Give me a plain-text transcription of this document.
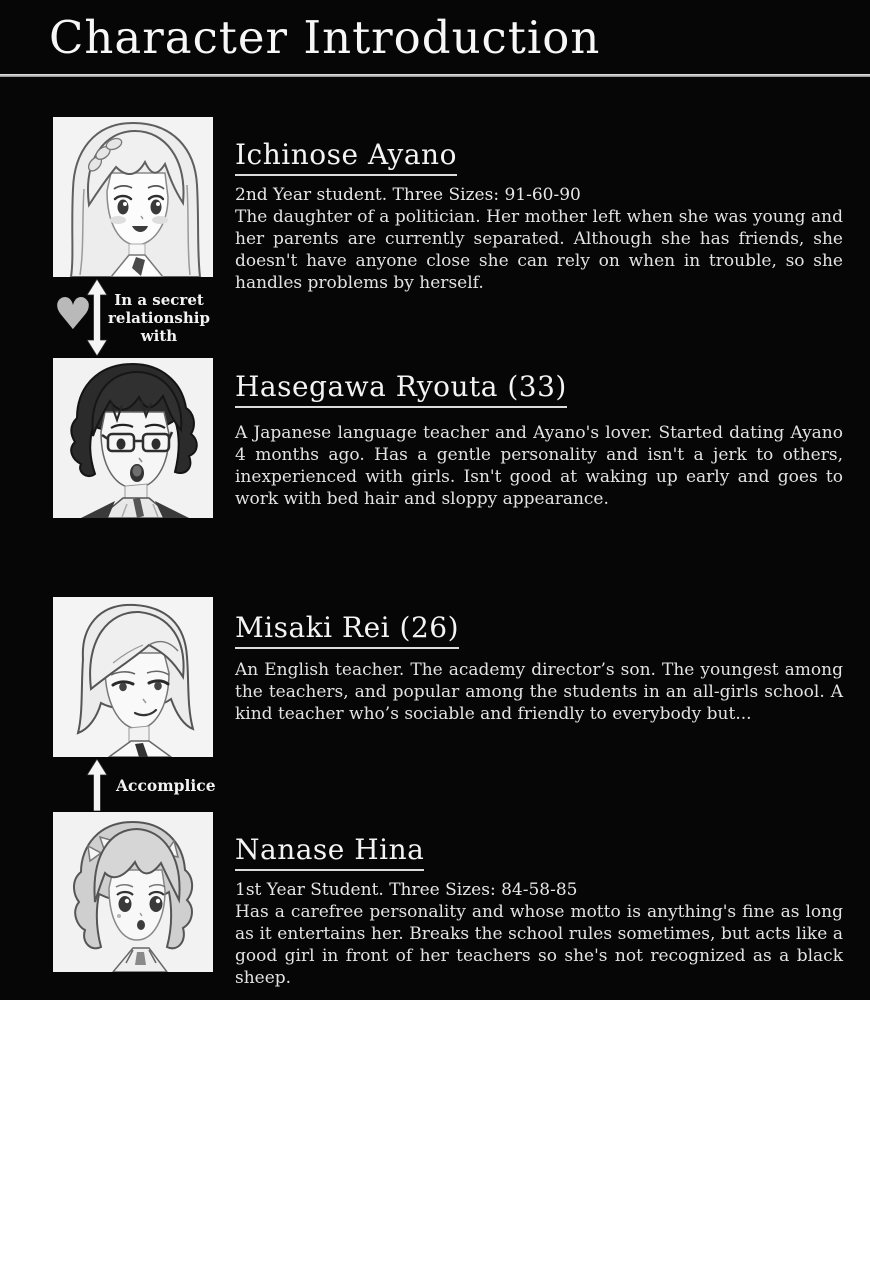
Character Introduction
♥	In a secret relationship with
Accomplice
Ichinose Ayano

2nd Year student. Three Sizes: 91-60-90

The daughter of a politician. Her mother left when she was young and her parents are currently separated. Although she has friends, she doesn't have anyone close she can rely on when in trouble, so she handles problems by herself.

Hasegawa Ryouta (33)

A Japanese language teacher and Ayano's lover. Started dating Ayano 4 months ago. Has a gentle personality and isn't a jerk to others, inexperienced with girls. Isn't good at waking up early and goes to work with bed hair and sloppy appearance.

Misaki Rei (26)

An English teacher. The academy director’s son. The youngest among the teachers, and popular among the students in an all-girls school. A kind teacher who’s sociable and friendly to everybody but...

Nanase Hina

1st Year Student. Three Sizes: 84-58-85

Has a carefree personality and whose motto is anything's fine as long as it entertains her. Breaks the school rules sometimes, but acts like a good girl in front of her teachers so she's not recognized as a black sheep.
